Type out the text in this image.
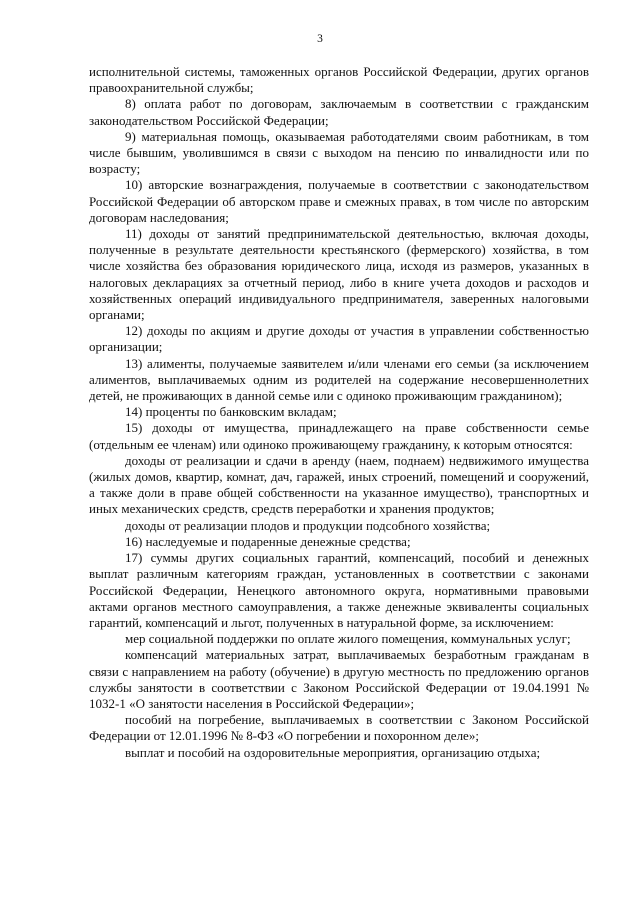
3

исполнительной системы, таможенных органов Российской Федерации, других органов правоохранительной службы;

8) оплата работ по договорам, заключаемым в соответствии с гражданским законодательством Российской Федерации;

9) материальная помощь, оказываемая работодателями своим работникам, в том числе бывшим, уволившимся в связи с выходом на пенсию по инвалидности или по возрасту;

10) авторские вознаграждения, получаемые в соответствии с законодательством Российской Федерации об авторском праве и смежных правах, в том числе по авторским договорам наследования;

11) доходы от занятий предпринимательской деятельностью, включая доходы, полученные в результате деятельности крестьянского (фермерского) хозяйства, в том числе хозяйства без образования юридического лица, исходя из размеров, указанных в налоговых декларациях за отчетный период, либо в книге учета доходов и расходов и хозяйственных операций индивидуального предпринимателя, заверенных налоговыми органами;

12) доходы по акциям и другие доходы от участия в управлении собственностью организации;

13) алименты, получаемые заявителем и/или членами его семьи (за исключением алиментов, выплачиваемых одним из родителей на содержание несовершеннолетних детей, не проживающих в данной семье или с одиноко проживающим гражданином);

14) проценты по банковским вкладам;

15) доходы от имущества, принадлежащего на праве собственности семье (отдельным ее членам) или одиноко проживающему гражданину, к которым относятся:

доходы от реализации и сдачи в аренду (наем, поднаем) недвижимого имущества (жилых домов, квартир, комнат, дач, гаражей, иных строений, помещений и сооружений, а также доли в праве общей собственности на указанное имущество), транспортных и иных механических средств, средств переработки и хранения продуктов;

доходы от реализации плодов и продукции подсобного хозяйства;

16) наследуемые и подаренные денежные средства;

17) суммы других социальных гарантий, компенсаций, пособий и денежных выплат различным категориям граждан, установленных в соответствии с законами Российской Федерации, Ненецкого автономного округа, нормативными правовыми актами органов местного самоуправления, а также денежные эквиваленты социальных гарантий, компенсаций и льгот, полученных в натуральной форме, за исключением:

мер социальной поддержки по оплате жилого помещения, коммунальных услуг;

компенсаций материальных затрат, выплачиваемых безработным гражданам в связи с направлением на работу (обучение) в другую местность по предложению органов службы занятости в соответствии с Законом Российской Федерации от 19.04.1991 № 1032-1 «О занятости населения в Российской Федерации»;

пособий на погребение, выплачиваемых в соответствии с Законом Российской Федерации от 12.01.1996 № 8-ФЗ «О погребении и похоронном деле»;

выплат и пособий на оздоровительные мероприятия, организацию отдыха;
